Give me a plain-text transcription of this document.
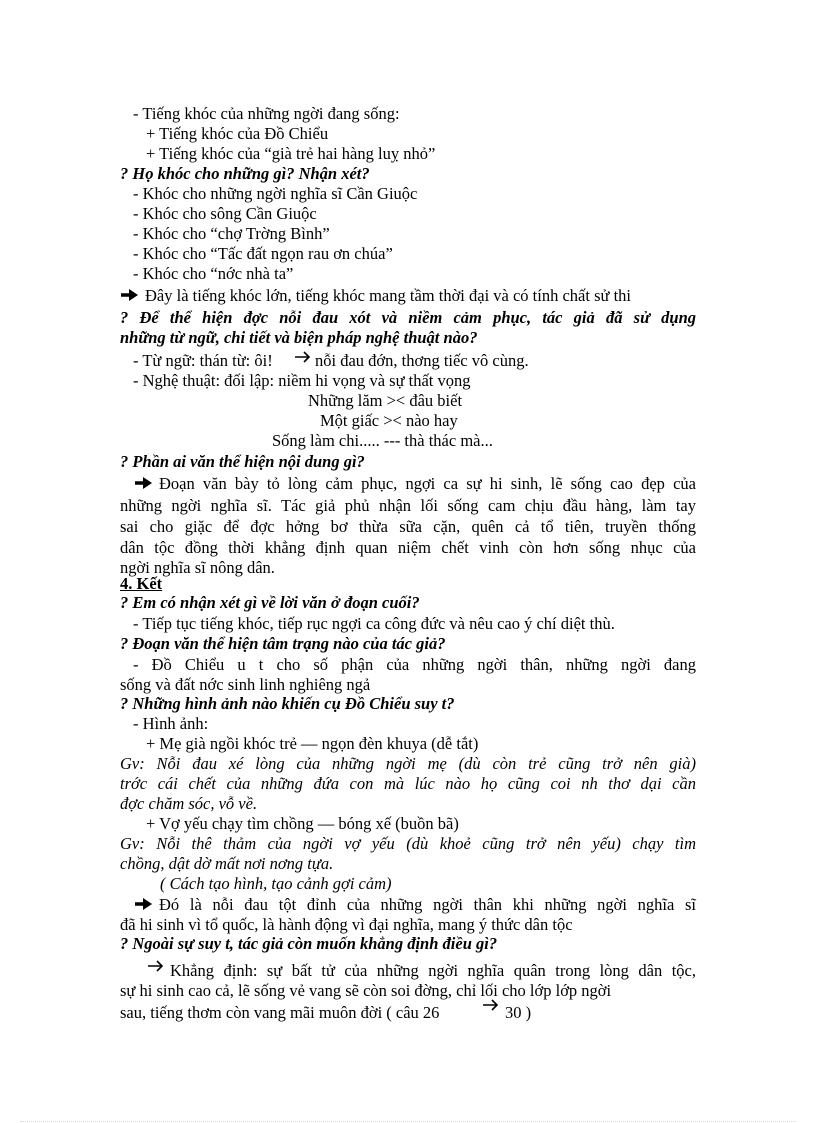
- Tiếng khóc của những ngời đang sống:
+ Tiếng khóc của Đồ Chiểu
+ Tiếng khóc của “già trẻ hai hàng luỵ nhỏ”
? Họ khóc cho những gì? Nhận xét?
- Khóc cho những ngời nghĩa sĩ Cần Giuộc
- Khóc cho sông Cần Giuộc
- Khóc cho “chợ Trờng Bình”
- Khóc cho “Tấc đất ngọn rau ơn chúa”
- Khóc cho “nớc nhà ta”
Đây là tiếng khóc lớn, tiếng khóc mang tầm thời đại và có tính chất sử thi
? Để thể hiện đợc nỗi đau xót và niềm cảm phục, tác giả đã sử dụng
những từ ngữ, chi tiết và biện pháp nghệ thuật nào?
- Từ ngữ: thán từ: ôi!	nỗi đau đớn, thơng tiếc vô cùng.
- Nghệ thuật: đối lập: niềm hi vọng và sự thất vọng
Những lăm >< đâu biết
Một giấc >< nào hay
Sống làm chi..... --- thà thác mà...
? Phần ai văn thể hiện nội dung gì?
Đoạn văn bày tỏ lòng cảm phục, ngợi ca sự hi sinh, lẽ sống cao đẹp của
những ngời nghĩa sĩ. Tác giả phủ nhận lối sống cam chịu đầu hàng, làm tay
sai cho giặc để đợc hởng bơ thừa sữa cặn, quên cả tổ tiên, truyền thống
dân tộc đồng thời khẳng định quan niệm chết vinh còn hơn sống nhục của
ngời nghĩa sĩ nông dân.
4. Kết
? Em có nhận xét gì về lời văn ở đoạn cuối?
- Tiếp tục tiếng khóc, tiếp rục ngợi ca công đức và nêu cao ý chí diệt thù.
? Đoạn văn thể hiện tâm trạng nào của tác giả?
- Đồ Chiểu u t cho số phận của những ngời thân, những ngời đang
sống và đất nớc sinh linh nghiêng ngả
? Những hình ảnh nào khiến cụ Đồ Chiểu suy t?
- Hình ảnh:
+ Mẹ già ngồi khóc trẻ — ngọn đèn khuya (dễ tắt)
Gv: Nỗi đau xé lòng của những ngời mẹ (dù còn trẻ cũng trở nên già)
trớc cái chết của những đứa con mà lúc nào họ cũng coi nh thơ dại cần
đợc chăm sóc, vỗ về.
+ Vợ yếu chạy tìm chồng — bóng xế (buồn bã)
Gv: Nỗi thê thảm của ngời vợ yếu (dù khoẻ cũng trở nên yếu) chạy tìm
chồng, dật dờ mất nơi nơng tựa.
( Cách tạo hình, tạo cảnh gợi cảm)
Đó là nỗi đau tột đỉnh của những ngời thân khi những ngời nghĩa sĩ
đã hi sinh vì tổ quốc, là hành động vì đại nghĩa, mang ý thức dân tộc
? Ngoài sự suy t, tác giả còn muốn khẳng định điều gì?
Khẳng định: sự bất tử của những ngời nghĩa quân trong lòng dân tộc,
sự hi sinh cao cả, lẽ sống vẻ vang sẽ còn soi đờng, chỉ lối cho lớp lớp ngời
sau, tiếng thơm còn vang mãi muôn đời ( câu 26	30 )
